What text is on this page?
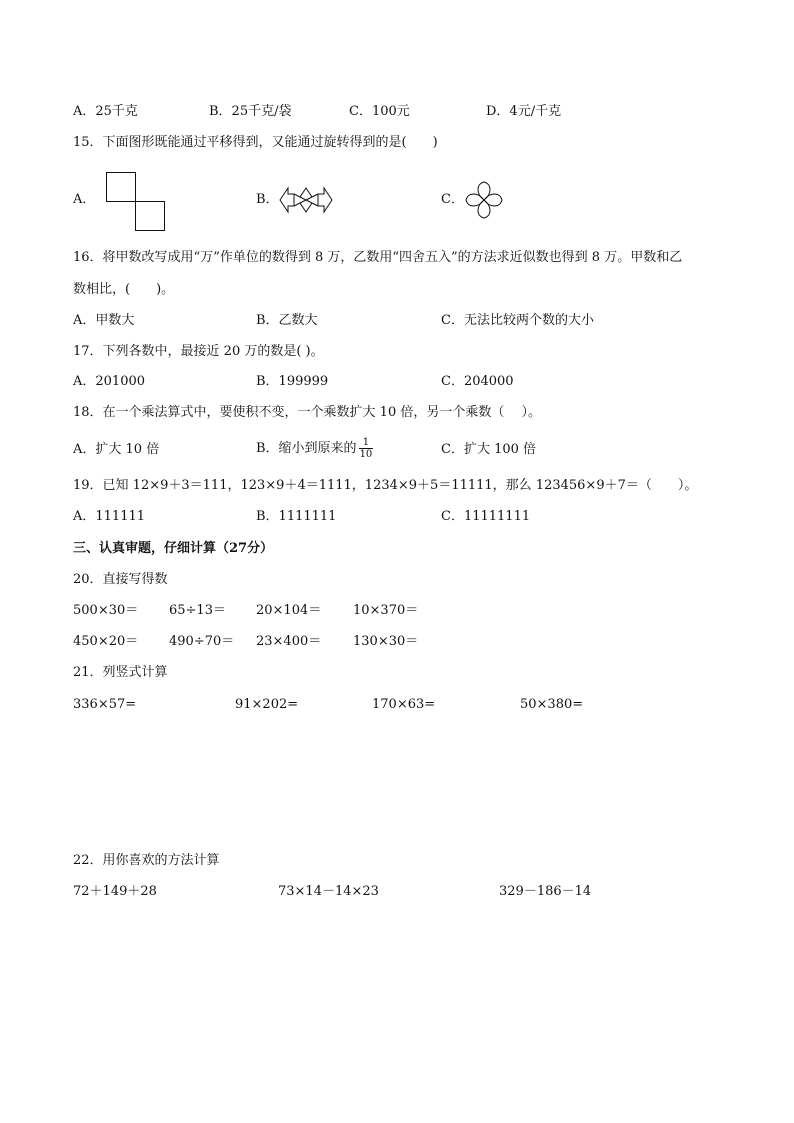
A．25千克	B．25千克/袋	C．100元	D．4元/千克
15．下面图形既能通过平移得到，又能通过旋转得到的是(　　)
A．	B．	C．
16．将甲数改写成用“万”作单位的数得到 8 万，乙数用“四舍五入”的方法求近似数也得到 8 万。甲数和乙
数相比，(　　)。
A．甲数大	B．乙数大	C．无法比较两个数的大小
17．下列各数中，最接近 20 万的数是( )。
A．201000	B．199999	C．204000
18．在一个乘法算式中，要使积不变，一个乘数扩大 10 倍，另一个乘数（　 ）。
A．扩大 10 倍	B．缩小到原来的 $\frac{1}{10}$	C．扩大 100 倍
19．已知 12×9＋3＝111，123×9＋4＝1111，1234×9＋5＝11111，那么 123456×9＋7＝（　　）。
A．111111	B．1111111	C．11111111
三、认真审题，仔细计算（27分）
20．直接写得数
500×30＝ 65÷13＝ 20×104＝ 10×370＝
450×20＝ 490÷70＝ 23×400＝ 130×30＝
21．列竖式计算
336×57=	91×202=	170×63=	50×380=
22．用你喜欢的方法计算
72＋149＋28	73×14－14×23	329－186－14
